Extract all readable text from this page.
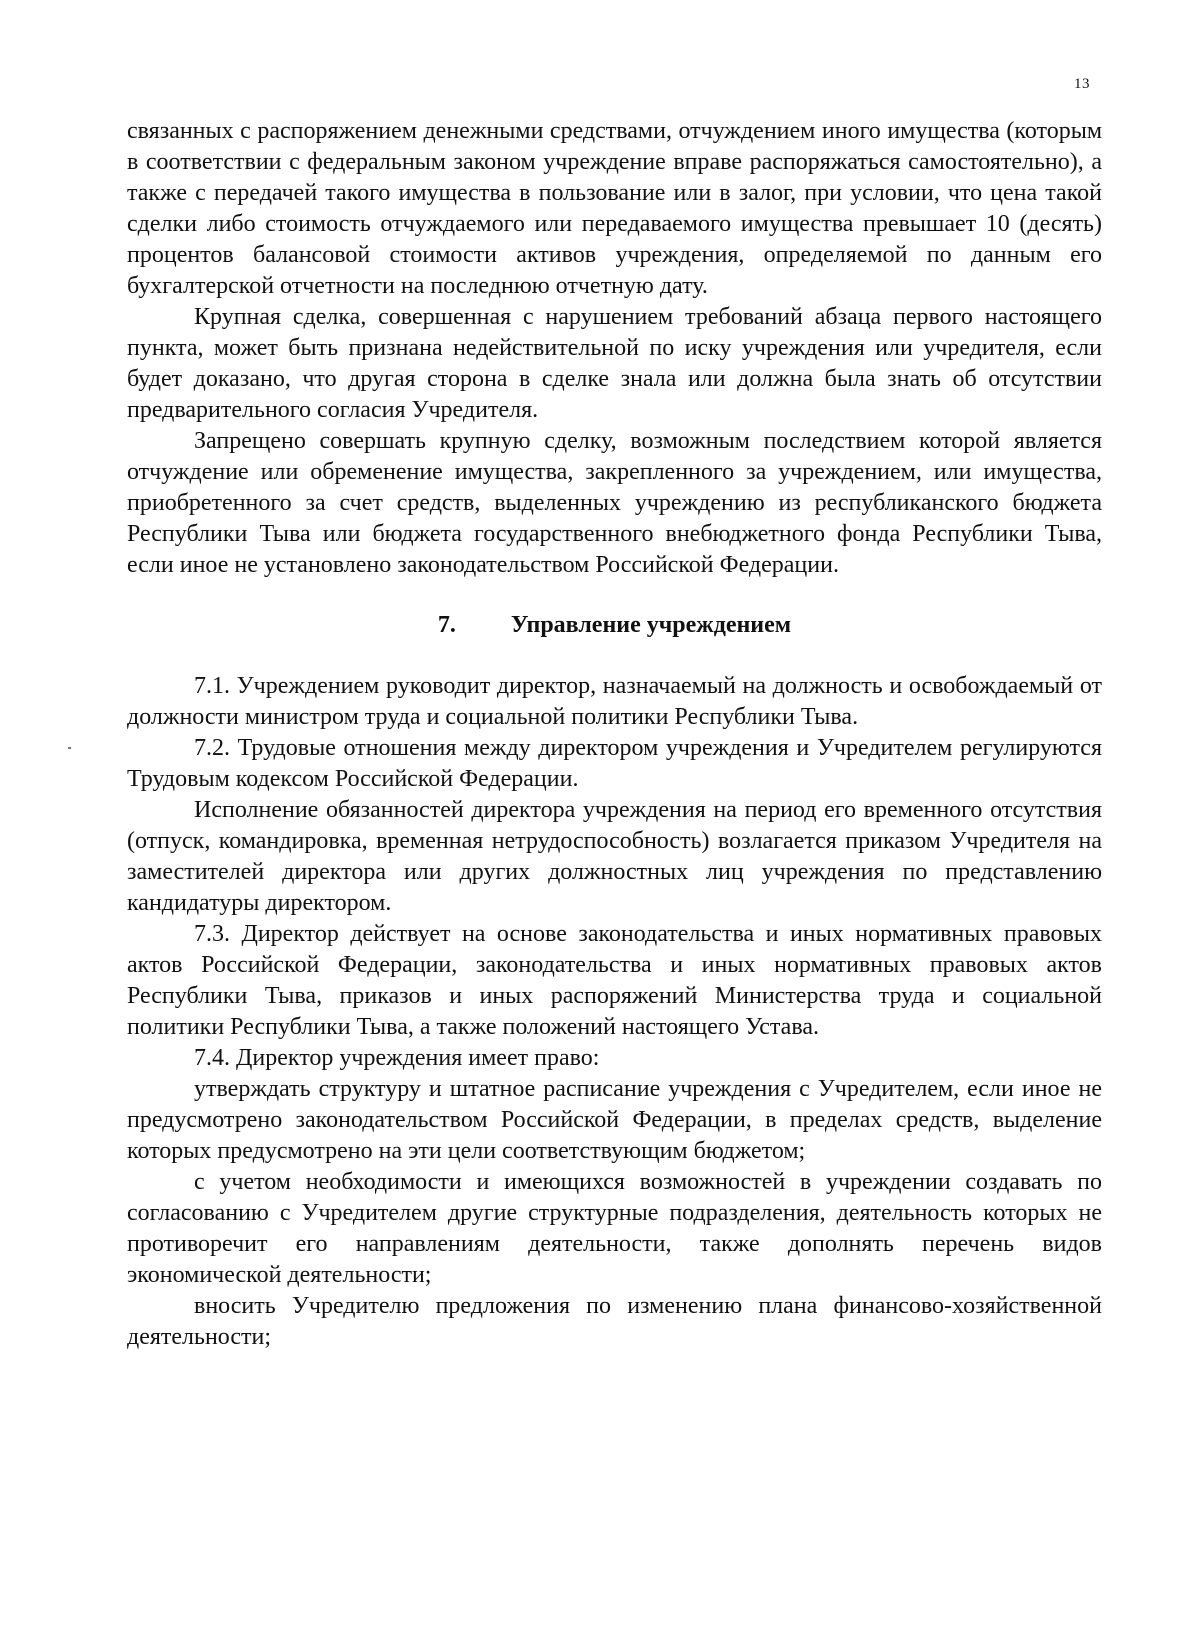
13

связанных с распоряжением денежными средствами, отчуждением иного имущества (которым в соответствии с федеральным законом учреждение вправе распоряжаться самостоятельно), а также с передачей такого имущества в пользование или в залог, при условии, что цена такой сделки либо стоимость отчуждаемого или передаваемого имущества превышает 10 (десять) процентов балансовой стоимости активов учреждения, определяемой по данным его бухгалтерской отчетности на последнюю отчетную дату.

Крупная сделка, совершенная с нарушением требований абзаца первого настоящего пункта, может быть признана недействительной по иску учреждения или учредителя, если будет доказано, что другая сторона в сделке знала или должна была знать об отсутствии предварительного согласия Учредителя.

Запрещено совершать крупную сделку, возможным последствием которой является отчуждение или обременение имущества, закрепленного за учреждением, или имущества, приобретенного за счет средств, выделенных учреждению из республиканского бюджета Республики Тыва или бюджета государственного внебюджетного фонда Республики Тыва, если иное не установлено законодательством Российской Федерации.

7. Управление учреждением

7.1. Учреждением руководит директор, назначаемый на должность и освобождаемый от должности министром труда и социальной политики Республики Тыва.

7.2. Трудовые отношения между директором учреждения и Учредителем регулируются Трудовым кодексом Российской Федерации.

Исполнение обязанностей директора учреждения на период его временного отсутствия (отпуск, командировка, временная нетрудоспособность) возлагается приказом Учредителя на заместителей директора или других должностных лиц учреждения по представлению кандидатуры директором.

7.3. Директор действует на основе законодательства и иных нормативных правовых актов Российской Федерации, законодательства и иных нормативных правовых актов Республики Тыва, приказов и иных распоряжений Министерства труда и социальной политики Республики Тыва, а также положений настоящего Устава.

7.4. Директор учреждения имеет право:

утверждать структуру и штатное расписание учреждения с Учредителем, если иное не предусмотрено законодательством Российской Федерации, в пределах средств, выделение которых предусмотрено на эти цели соответствующим бюджетом;

с учетом необходимости и имеющихся возможностей в учреждении создавать по согласованию с Учредителем другие структурные подразделения, деятельность которых не противоречит его направлениям деятельности, также дополнять перечень видов экономической деятельности;

вносить Учредителю предложения по изменению плана финансово-хозяйственной деятельности;
